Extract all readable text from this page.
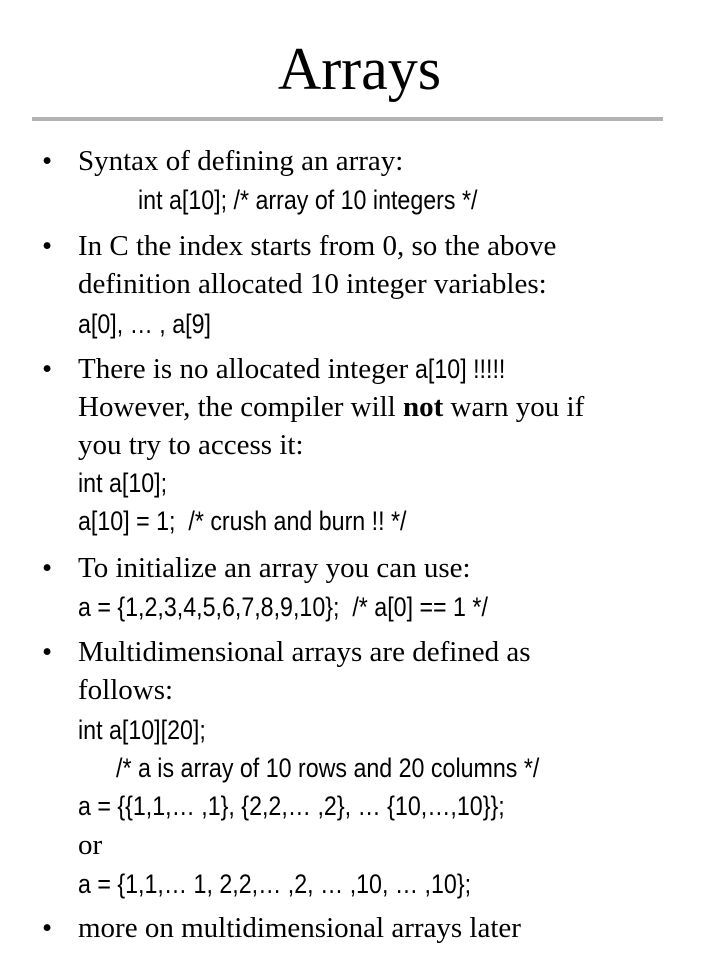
Arrays
• Syntax of defining an array:
int a[10]; /* array of 10 integers */
• In C the index starts from 0, so the above
definition allocated 10 integer variables:
a[0], … , a[9]
• There is no allocated integer a[10] !!!!!
However, the compiler will not warn you if
you try to access it:
int a[10];
a[10] = 1;  /* crush and burn !! */
• To initialize an array you can use:
a = {1,2,3,4,5,6,7,8,9,10};  /* a[0] == 1 */
• Multidimensional arrays are defined as
follows:
int a[10][20];
/* a is array of 10 rows and 20 columns */
a = {{1,1,… ,1}, {2,2,… ,2}, … {10,…,10}};
or
a = {1,1,… 1, 2,2,… ,2, … ,10, … ,10};
• more on multidimensional arrays later
